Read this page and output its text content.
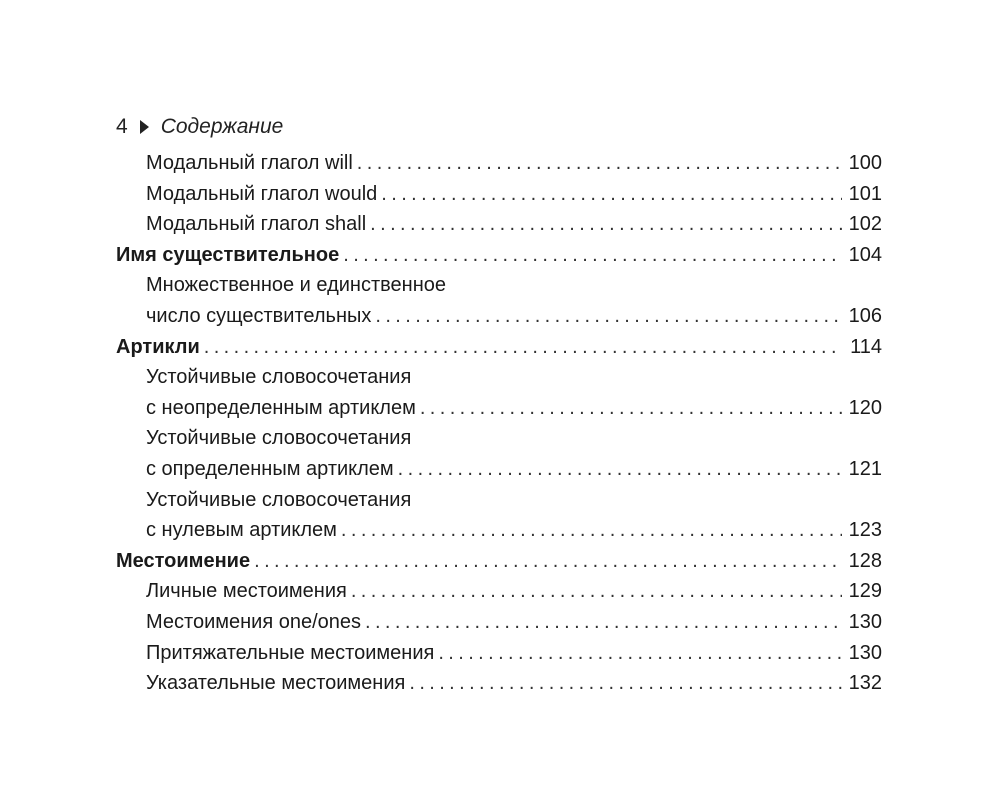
4 Содержание
Модальный глагол will .....	100
Модальный глагол would .....	101
Модальный глагол shall .....	102
Имя существительное .....	104
Множественное и единственное
число существительных .....	106
Артикли .....	114
Устойчивые словосочетания
с неопределенным артиклем .....	120
Устойчивые словосочетания
с определенным артиклем .....	121
Устойчивые словосочетания
с нулевым артиклем .....	123
Местоимение .....	128
Личные местоимения .....	129
Местоимения one/ones .....	130
Притяжательные местоимения .....	130
Указательные местоимения .....	132
